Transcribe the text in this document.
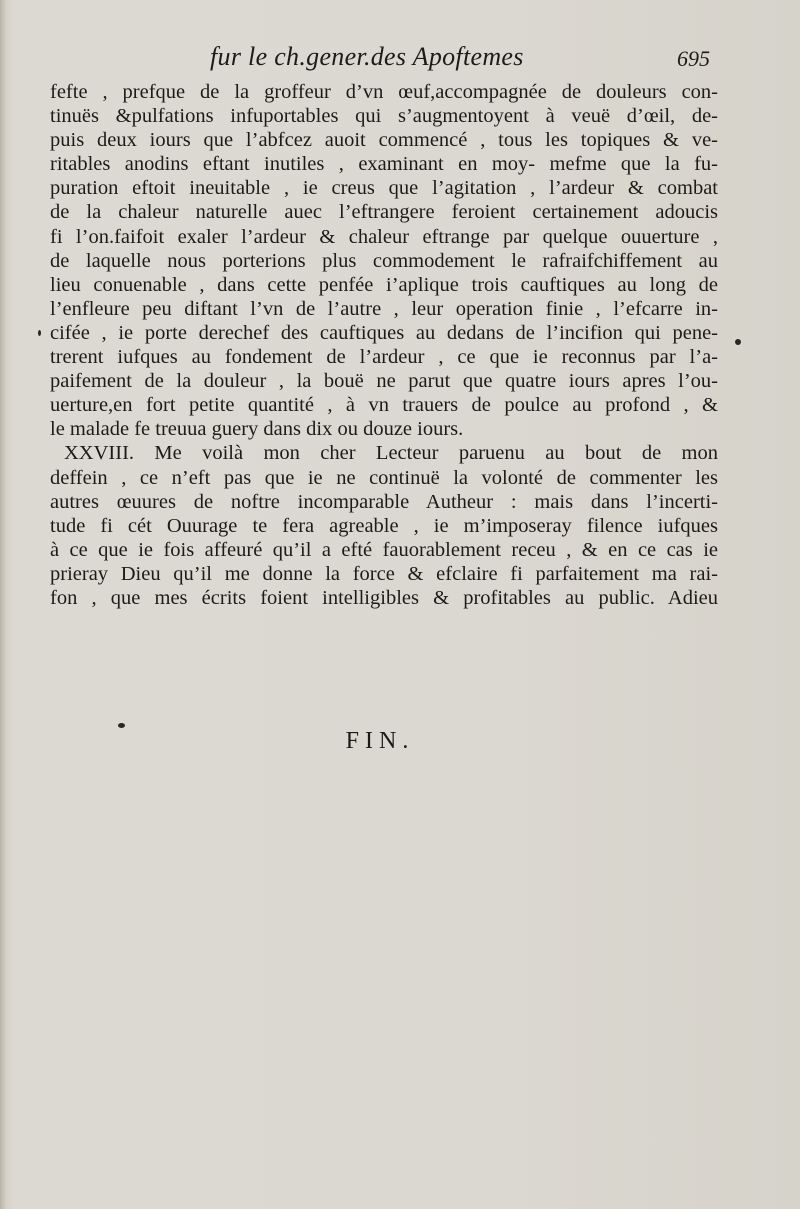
fur le ch.gener.des Apoftemes	695
fefte , prefque de la groffeur d’vn œuf,accompagnée de douleurs con-
tinuës &pulfations infuportables qui s’augmentoyent à veuë d’œil, de-
puis deux iours que l’abfcez auoit commencé , tous les topiques & ve-
ritables anodins eftant inutiles , examinant en moy- mefme que la fu-
puration eftoit ineuitable , ie creus que l’agitation , l’ardeur & combat
de la chaleur naturelle auec l’eftrangere feroient certainement adoucis
fi l’on.faifoit exaler l’ardeur & chaleur eftrange par quelque ouuerture ,
de laquelle nous porterions plus commodement le rafraifchiffement au
lieu conuenable , dans cette penfée i’aplique trois cauftiques au long de
l’enfleure peu diftant l’vn de l’autre , leur operation finie , l’efcarre in-
cifée , ie porte derechef des cauftiques au dedans de l’incifion qui pene-
trerent iufques au fondement de l’ardeur , ce que ie reconnus par l’a-
paifement de la douleur , la bouë ne parut que quatre iours apres l’ou-
uerture,en fort petite quantité , à vn trauers de poulce au profond , &
le malade fe treuua guery dans dix ou douze iours.
XXVIII. Me voilà mon cher Lecteur paruenu au bout de mon
deffein , ce n’eft pas que ie ne continuë la volonté de commenter les
autres œuures de noftre incomparable Autheur : mais dans l’incerti-
tude fi cét Ouurage te fera agreable , ie m’imposeray filence iufques
à ce que ie fois affeuré qu’il a efté fauorablement receu , & en ce cas ie
prieray Dieu qu’il me donne la force & efclaire fi parfaitement ma rai-
fon , que mes écrits foient intelligibles & profitables au public. Adieu
FIN.
